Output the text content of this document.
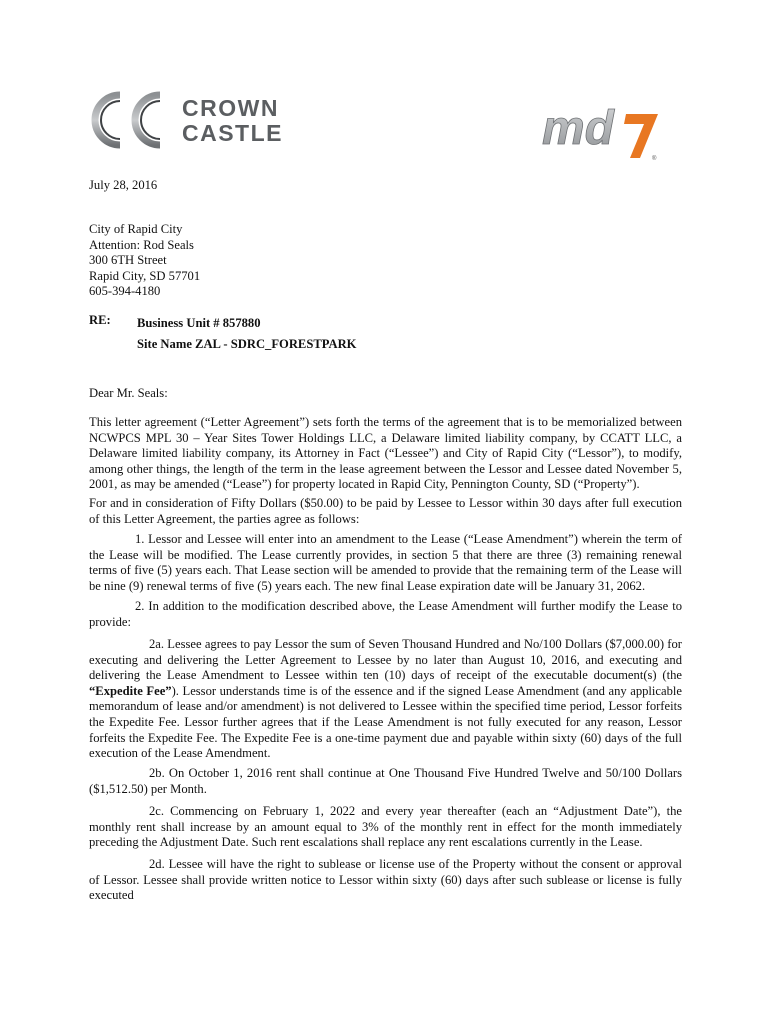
CROWN
CASTLE	md
®
July 28, 2016
City of Rapid City
Attention: Rod Seals
300 6TH Street
Rapid City, SD 57701
605-394-4180
RE: Business Unit # 857880
Site Name ZAL - SDRC_FORESTPARK
Dear Mr. Seals:
This letter agreement (“Letter Agreement”) sets forth the terms of the agreement that is to be memorialized between NCWPCS MPL 30 – Year Sites Tower Holdings LLC, a Delaware limited liability company, by CCATT LLC, a Delaware limited liability company, its Attorney in Fact (“Lessee”) and City of Rapid City (“Lessor”), to modify, among other things, the length of the term in the lease agreement between the Lessor and Lessee dated November 5, 2001, as may be amended (“Lease”) for property located in Rapid City, Pennington County, SD (“Property”).
For and in consideration of Fifty Dollars ($50.00) to be paid by Lessee to Lessor within 30 days after full execution of this Letter Agreement, the parties agree as follows:
1. Lessor and Lessee will enter into an amendment to the Lease (“Lease Amendment”) wherein the term of the Lease will be modified. The Lease currently provides, in section 5 that there are three (3) remaining renewal terms of five (5) years each. That Lease section will be amended to provide that the remaining term of the Lease will be nine (9) renewal terms of five (5) years each. The new final Lease expiration date will be January 31, 2062.
2. In addition to the modification described above, the Lease Amendment will further modify the Lease to provide:
2a. Lessee agrees to pay Lessor the sum of Seven Thousand Hundred and No/100 Dollars ($7,000.00) for executing and delivering the Letter Agreement to Lessee by no later than August 10, 2016, and executing and delivering the Lease Amendment to Lessee within ten (10) days of receipt of the executable document(s) (the “Expedite Fee”). Lessor understands time is of the essence and if the signed Lease Amendment (and any applicable memorandum of lease and/or amendment) is not delivered to Lessee within the specified time period, Lessor forfeits the Expedite Fee. Lessor further agrees that if the Lease Amendment is not fully executed for any reason, Lessor forfeits the Expedite Fee. The Expedite Fee is a one-time payment due and payable within sixty (60) days of the full execution of the Lease Amendment.
2b. On October 1, 2016 rent shall continue at One Thousand Five Hundred Twelve and 50/100 Dollars ($1,512.50) per Month.
2c. Commencing on February 1, 2022 and every year thereafter (each an “Adjustment Date”), the monthly rent shall increase by an amount equal to 3% of the monthly rent in effect for the month immediately preceding the Adjustment Date. Such rent escalations shall replace any rent escalations currently in the Lease.
2d. Lessee will have the right to sublease or license use of the Property without the consent or approval of Lessor. Lessee shall provide written notice to Lessor within sixty (60) days after such sublease or license is fully executed
